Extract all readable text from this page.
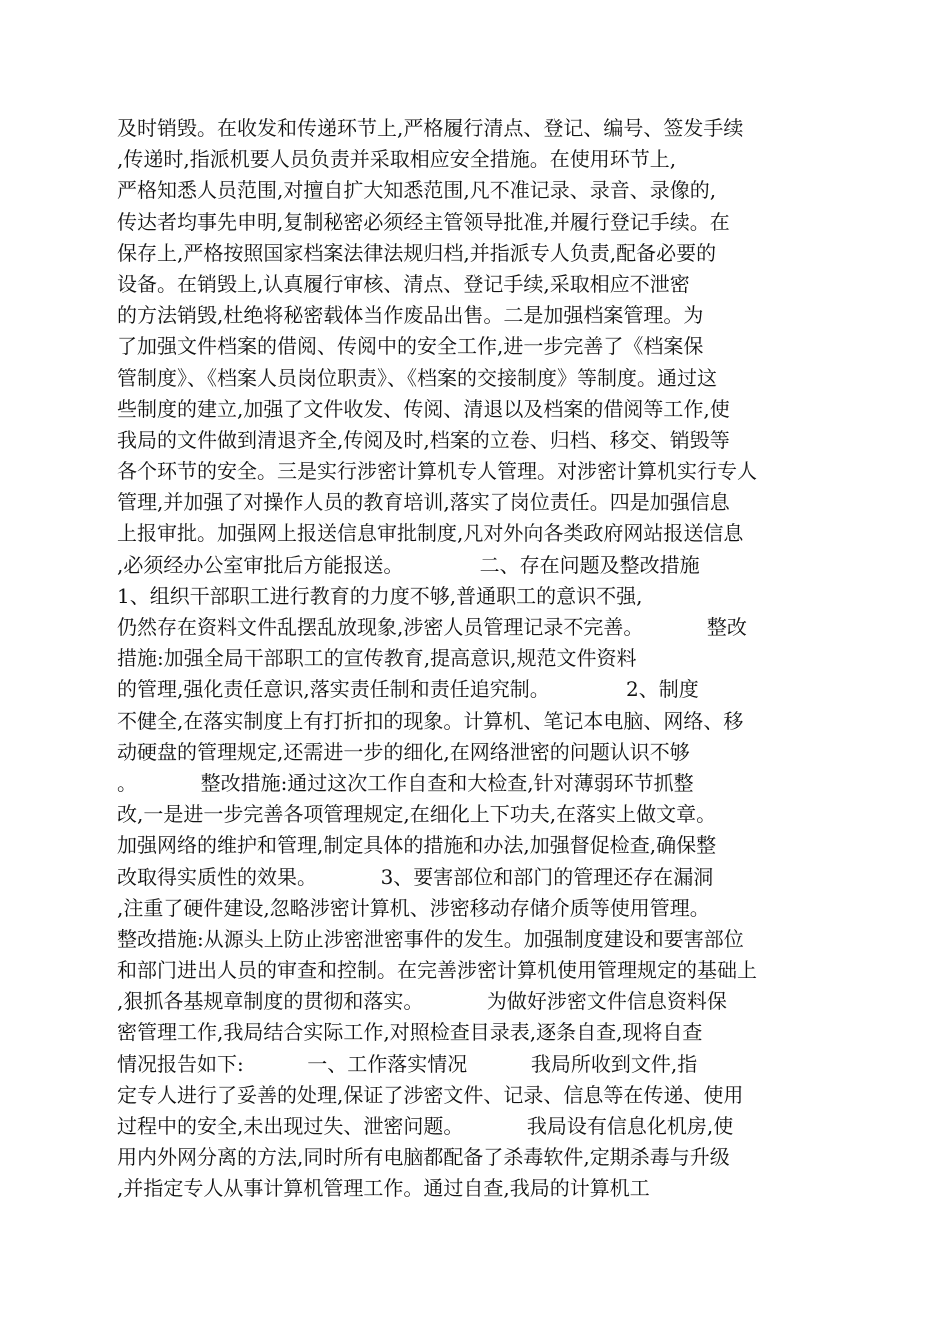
及时销毁。在收发和传递环节上,严格履行清点、登记、编号、签发手续
,传递时,指派机要人员负责并采取相应安全措施。在使用环节上,
严格知悉人员范围,对擅自扩大知悉范围,凡不准记录、录音、录像的,
传达者均事先申明,复制秘密必须经主管领导批准,并履行登记手续。在
保存上,严格按照国家档案法律法规归档,并指派专人负责,配备必要的
设备。在销毁上,认真履行审核、清点、登记手续,采取相应不泄密
的方法销毁,杜绝将秘密载体当作废品出售。二是加强档案管理。为
了加强文件档案的借阅、传阅中的安全工作,进一步完善了《档案保
管制度》、《档案人员岗位职责》、《档案的交接制度》等制度。通过这
些制度的建立,加强了文件收发、传阅、清退以及档案的借阅等工作,使
我局的文件做到清退齐全,传阅及时,档案的立卷、归档、移交、销毁等
各个环节的安全。三是实行涉密计算机专人管理。对涉密计算机实行专人
管理,并加强了对操作人员的教育培训,落实了岗位责任。四是加强信息
上报审批。加强网上报送信息审批制度,凡对外向各类政府网站报送信息
,必须经办公室审批后方能报送。            二、存在问题及整改措施
1、组织干部职工进行教育的力度不够,普通职工的意识不强,
仍然存在资料文件乱摆乱放现象,涉密人员管理记录不完善。          整改
措施:加强全局干部职工的宣传教育,提高意识,规范文件资料
的管理,强化责任意识,落实责任制和责任追究制。            2、制度
不健全,在落实制度上有打折扣的现象。计算机、笔记本电脑、网络、移
动硬盘的管理规定,还需进一步的细化,在网络泄密的问题认识不够
。          整改措施:通过这次工作自查和大检查,针对薄弱环节抓整
改,一是进一步完善各项管理规定,在细化上下功夫,在落实上做文章。
加强网络的维护和管理,制定具体的措施和办法,加强督促检查,确保整
改取得实质性的效果。          3、要害部位和部门的管理还存在漏洞
,注重了硬件建设,忽略涉密计算机、涉密移动存储介质等使用管理。
整改措施:从源头上防止涉密泄密事件的发生。加强制度建设和要害部位
和部门进出人员的审查和控制。在完善涉密计算机使用管理规定的基础上
,狠抓各基规章制度的贯彻和落实。          为做好涉密文件信息资料保
密管理工作,我局结合实际工作,对照检查目录表,逐条自查,现将自查
情况报告如下:          一、工作落实情况          我局所收到文件,指
定专人进行了妥善的处理,保证了涉密文件、记录、信息等在传递、使用
过程中的安全,未出现过失、泄密问题。          我局设有信息化机房,使
用内外网分离的方法,同时所有电脑都配备了杀毒软件,定期杀毒与升级
,并指定专人从事计算机管理工作。通过自查,我局的计算机工
